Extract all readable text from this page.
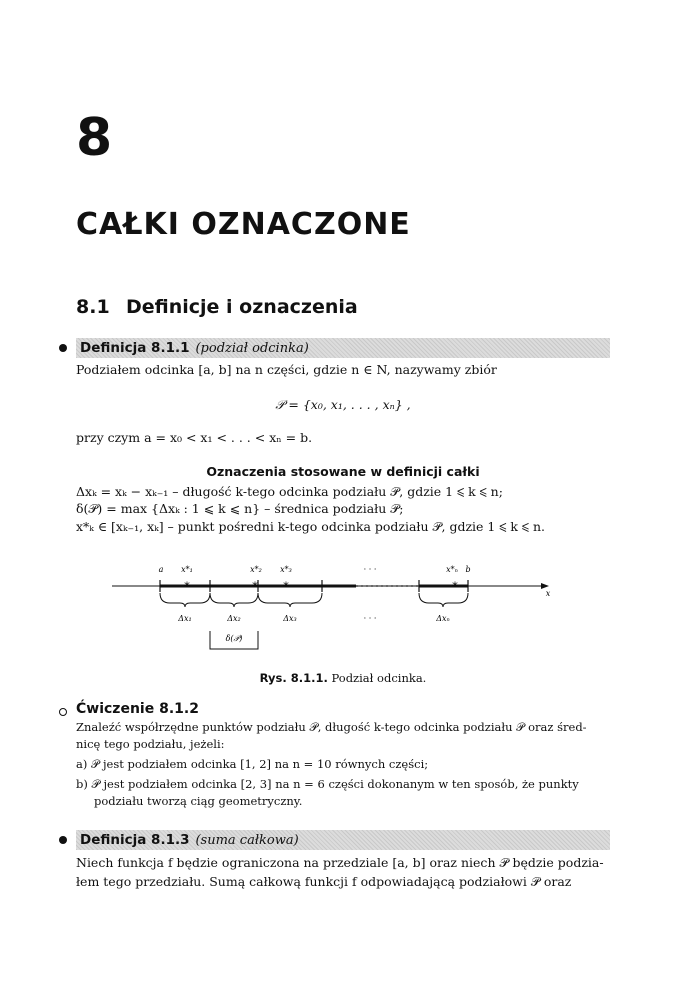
8
CAŁKI OZNACZONE
8.1 Definicje i oznaczenia
Definicja 8.1.1 (podział odcinka)
Podziałem odcinka [a, b] na n części, gdzie n ∈ N, nazywamy zbiór
𝒫 = {x₀, x₁, . . . , xₙ} ,
przy czym a = x₀ < x₁ < . . . < xₙ = b.
Oznaczenia stosowane w definicji całki
Δxₖ = xₖ − xₖ₋₁ – długość k-tego odcinka podziału 𝒫, gdzie 1 ⩽ k ⩽ n;
δ(𝒫) = max {Δxₖ : 1 ⩽ k ⩽ n} – średnica podziału 𝒫;
x*ₖ ∈ [xₖ₋₁, xₖ] – punkt pośredni k-tego odcinka podziału 𝒫, gdzie 1 ⩽ k ⩽ n.
*	* *	*
a x*₁	x*₂ x*₃	· · ·	x*ₙ b
x
Δx₁	Δx₂	Δx₃	· · ·	Δxₙ
δ(𝒫)
Rys. 8.1.1. Podział odcinka.
Ćwiczenie 8.1.2
Znaleźć współrzędne punktów podziału 𝒫, długość k-tego odcinka podziału 𝒫 oraz śred-
nicę tego podziału, jeżeli:
a) 𝒫 jest podziałem odcinka [1, 2] na n = 10 równych części;
b) 𝒫 jest podziałem odcinka [2, 3] na n = 6 części dokonanym w ten sposób, że punkty
podziału tworzą ciąg geometryczny.
Definicja 8.1.3 (suma całkowa)
Niech funkcja f będzie ograniczona na przedziale [a, b] oraz niech 𝒫 będzie podzia-
łem tego przedziału. Sumą całkową funkcji f odpowiadającą podziałowi 𝒫 oraz
